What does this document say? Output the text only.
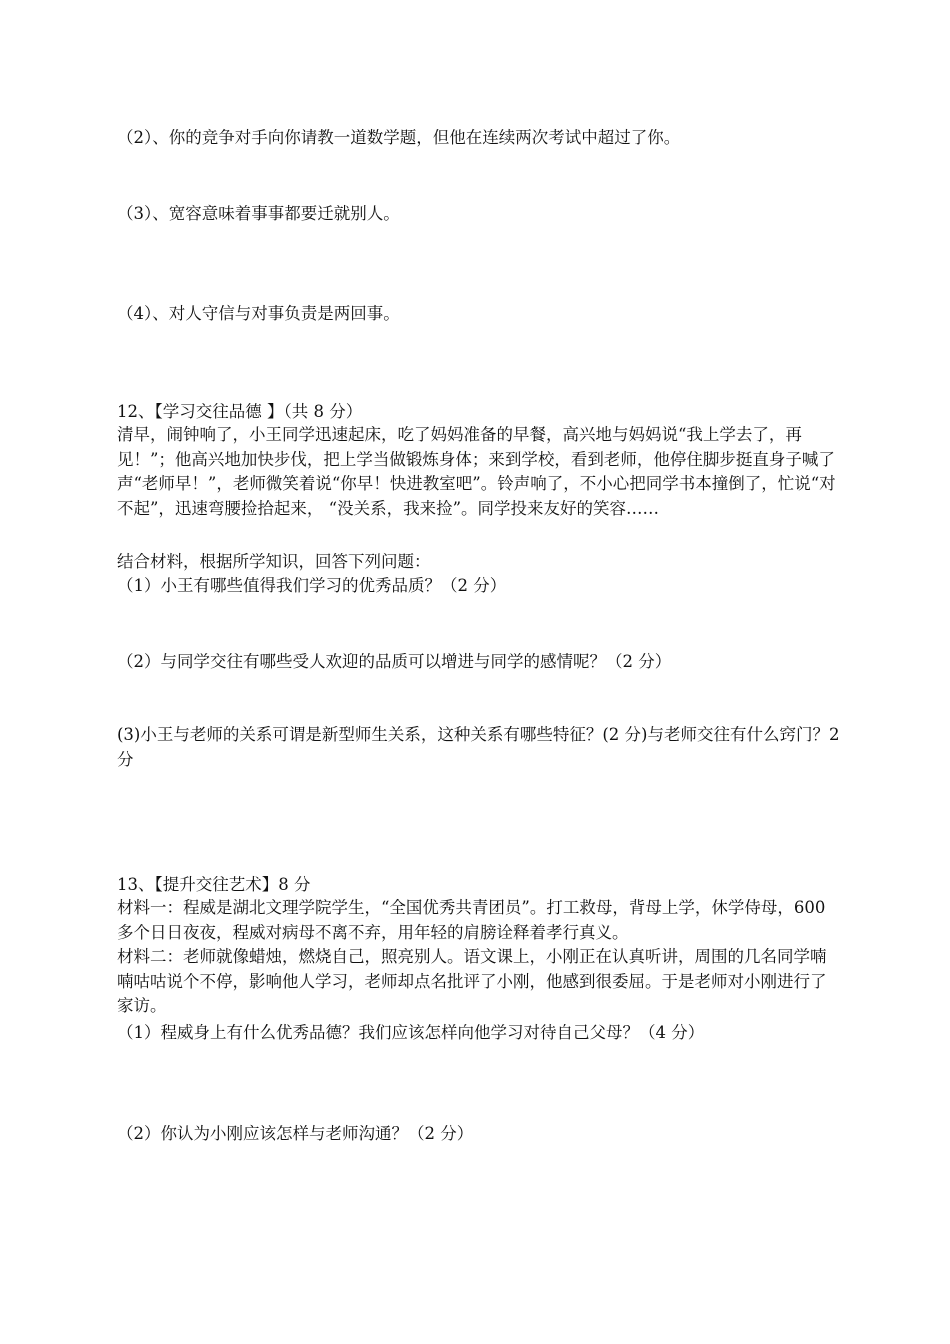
（2）、你的竞争对手向你请教一道数学题，但他在连续两次考试中超过了你。
（3）、宽容意味着事事都要迁就别人。
（4）、对人守信与对事负责是两回事。
12、【学习交往品德 】（共 8 分）
清早，闹钟响了，小王同学迅速起床，吃了妈妈准备的早餐，高兴地与妈妈说“我上学去了，再见！”；他高兴地加快步伐，把上学当做锻炼身体；来到学校，看到老师，他停住脚步挺直身子喊了声“老师早！”，老师微笑着说“你早！快进教室吧”。铃声响了，不小心把同学书本撞倒了，忙说“对不起”，迅速弯腰捡拾起来， “没关系，我来捡”。同学投来友好的笑容……
结合材料，根据所学知识，回答下列问题：
（1）小王有哪些值得我们学习的优秀品质？（2 分）
（2）与同学交往有哪些受人欢迎的品质可以增进与同学的感情呢？（2 分）
(3)小王与老师的关系可谓是新型师生关系，这种关系有哪些特征？(2 分)与老师交往有什么窍门？2 分
13、【提升交往艺术】8 分
材料一：程威是湖北文理学院学生，“全国优秀共青团员”。打工救母，背母上学，休学侍母，600 多个日日夜夜，程威对病母不离不弃，用年轻的肩膀诠释着孝行真义。
材料二：老师就像蜡烛，燃烧自己，照亮别人。语文课上，小刚正在认真听讲，周围的几名同学喃喃咕咕说个不停，影响他人学习，老师却点名批评了小刚，他感到很委屈。于是老师对小刚进行了家访。
（1）程威身上有什么优秀品德？我们应该怎样向他学习对待自己父母？（4 分）
（2）你认为小刚应该怎样与老师沟通？（2 分）
